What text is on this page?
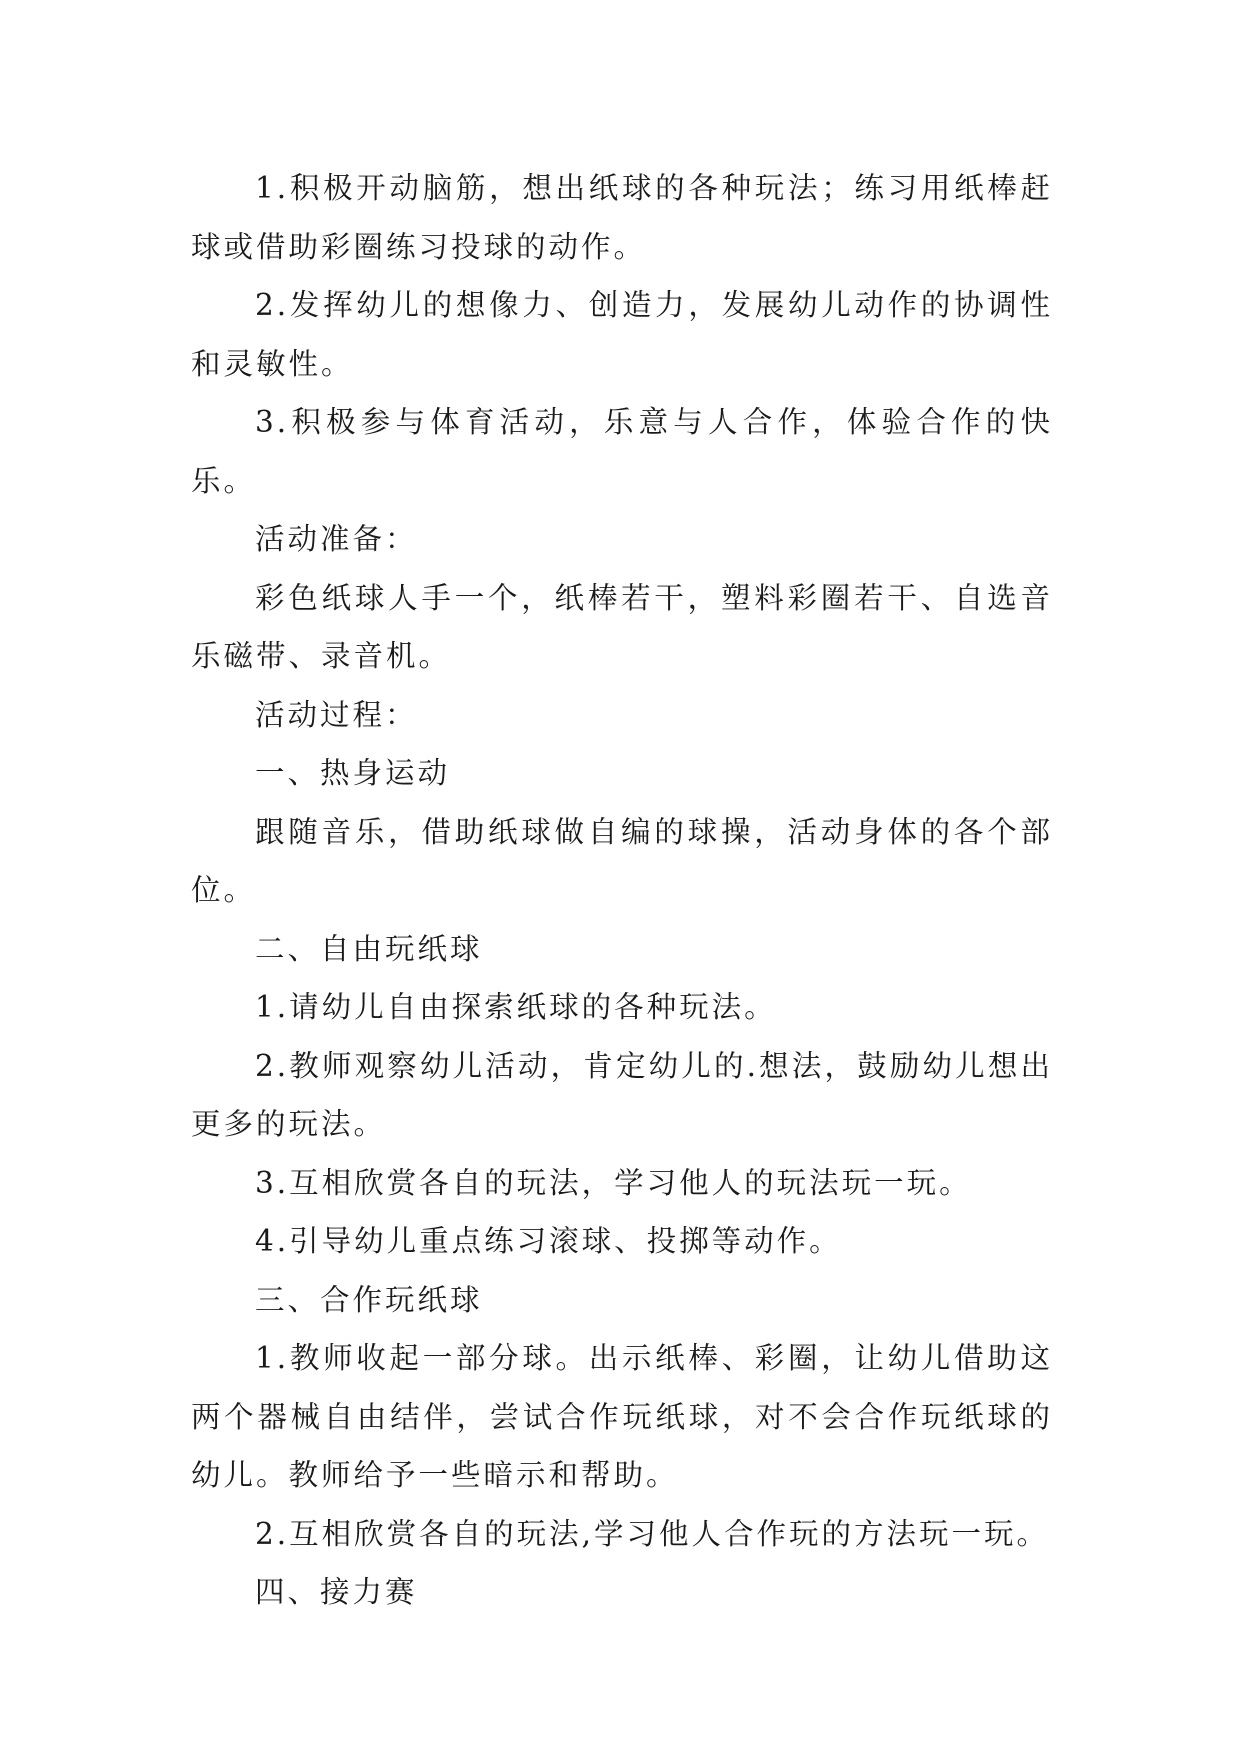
1.积极开动脑筋，想出纸球的各种玩法；练习用纸棒赶球或借助彩圈练习投球的动作。

2.发挥幼儿的想像力、创造力，发展幼儿动作的协调性和灵敏性。

3.积极参与体育活动，乐意与人合作，体验合作的快乐。

活动准备：

彩色纸球人手一个，纸棒若干，塑料彩圈若干、自选音乐磁带、录音机。

活动过程：

一、热身运动

跟随音乐，借助纸球做自编的球操，活动身体的各个部位。

二、自由玩纸球

1.请幼儿自由探索纸球的各种玩法。

2.教师观察幼儿活动，肯定幼儿的.想法，鼓励幼儿想出更多的玩法。

3.互相欣赏各自的玩法，学习他人的玩法玩一玩。

4.引导幼儿重点练习滚球、投掷等动作。

三、合作玩纸球

1.教师收起一部分球。出示纸棒、彩圈，让幼儿借助这两个器械自由结伴，尝试合作玩纸球，对不会合作玩纸球的幼儿。教师给予一些暗示和帮助。

2.互相欣赏各自的玩法,学习他人合作玩的方法玩一玩。

四、接力赛
